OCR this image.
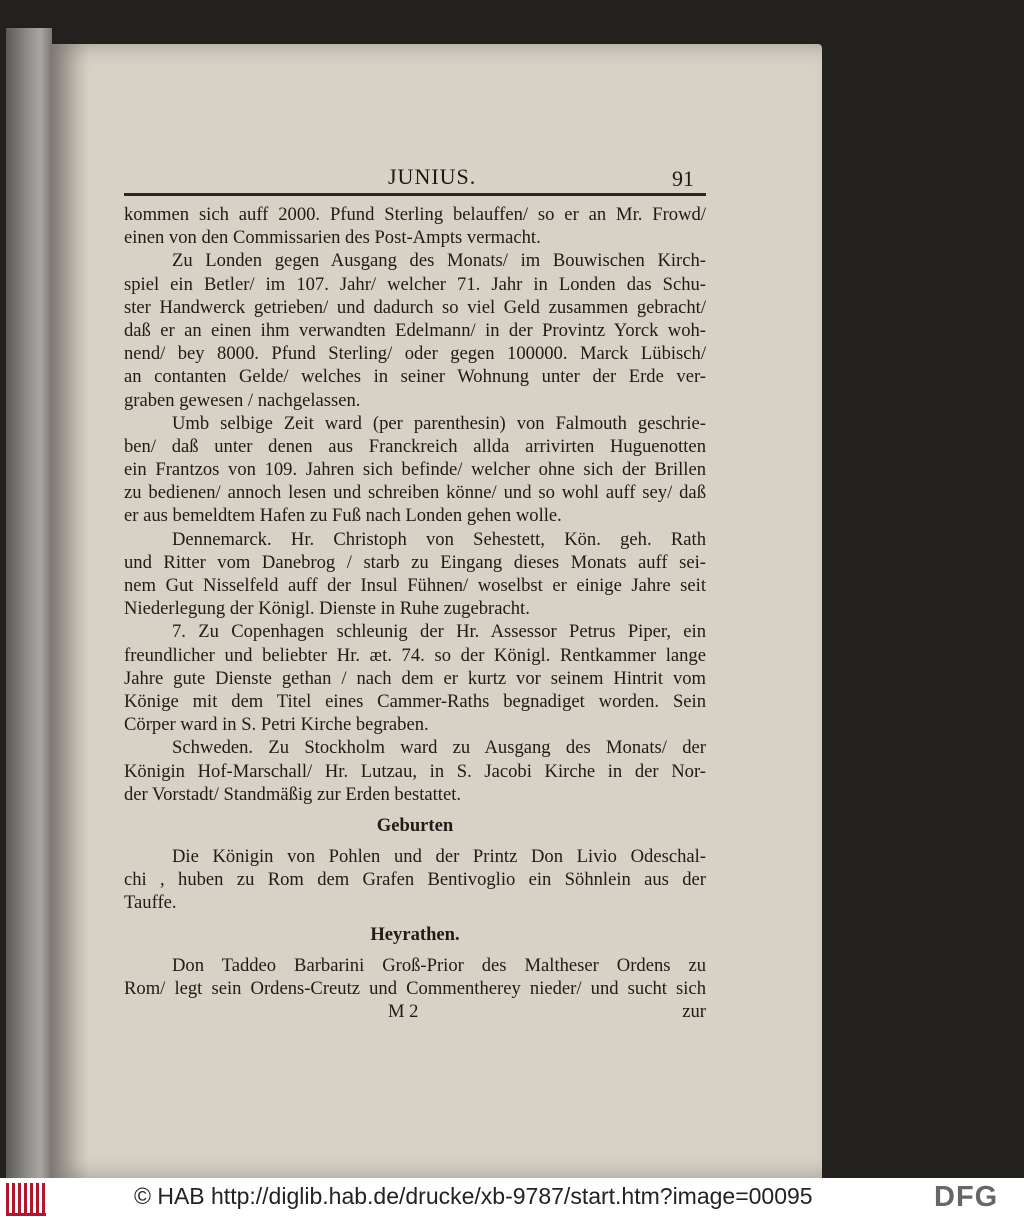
JUNIUS.	91
kommen sich auff 2000. Pfund Sterling belauffen/ so er an Mr. Frowd/
einen von den Commissarien des Post-Ampts vermacht.
Zu Londen gegen Ausgang des Monats/ im Bouwischen Kirch-
spiel ein Betler/ im 107. Jahr/ welcher 71. Jahr in Londen das Schu-
ster Handwerck getrieben/ und dadurch so viel Geld zusammen gebracht/
daß er an einen ihm verwandten Edelmann/ in der Provintz Yorck woh-
nend/ bey 8000. Pfund Sterling/ oder gegen 100000. Marck Lübisch/
an contanten Gelde/ welches in seiner Wohnung unter der Erde ver-
graben gewesen / nachgelassen.
Umb selbige Zeit ward (per parenthesin) von Falmouth geschrie-
ben/ daß unter denen aus Franckreich allda arrivirten Huguenotten
ein Frantzos von 109. Jahren sich befinde/ welcher ohne sich der Brillen
zu bedienen/ annoch lesen und schreiben könne/ und so wohl auff sey/ daß
er aus bemeldtem Hafen zu Fuß nach Londen gehen wolle.
Dennemarck. Hr. Christoph von Sehestett, Kön. geh. Rath
und Ritter vom Danebrog / starb zu Eingang dieses Monats auff sei-
nem Gut Nisselfeld auff der Insul Fühnen/ woselbst er einige Jahre seit
Niederlegung der Königl. Dienste in Ruhe zugebracht.
7. Zu Copenhagen schleunig der Hr. Assessor Petrus Piper, ein
freundlicher und beliebter Hr. æt. 74. so der Königl. Rentkammer lange
Jahre gute Dienste gethan / nach dem er kurtz vor seinem Hintrit vom
Könige mit dem Titel eines Cammer-Raths begnadiget worden. Sein
Cörper ward in S. Petri Kirche begraben.
Schweden. Zu Stockholm ward zu Ausgang des Monats/ der
Königin Hof-Marschall/ Hr. Lutzau, in S. Jacobi Kirche in der Nor-
der Vorstadt/ Standmäßig zur Erden bestattet.
Geburten
Die Königin von Pohlen und der Printz Don Livio Odeschal-
chi , huben zu Rom dem Grafen Bentivoglio ein Söhnlein aus der
Tauffe.
Heyrathen.
Don Taddeo Barbarini Groß-Prior des Maltheser Ordens zu
Rom/ legt sein Ordens-Creutz und Commentherey nieder/ und sucht sich
M 2	zur
© HAB http://diglib.hab.de/drucke/xb-9787/start.htm?image=00095	DFG
